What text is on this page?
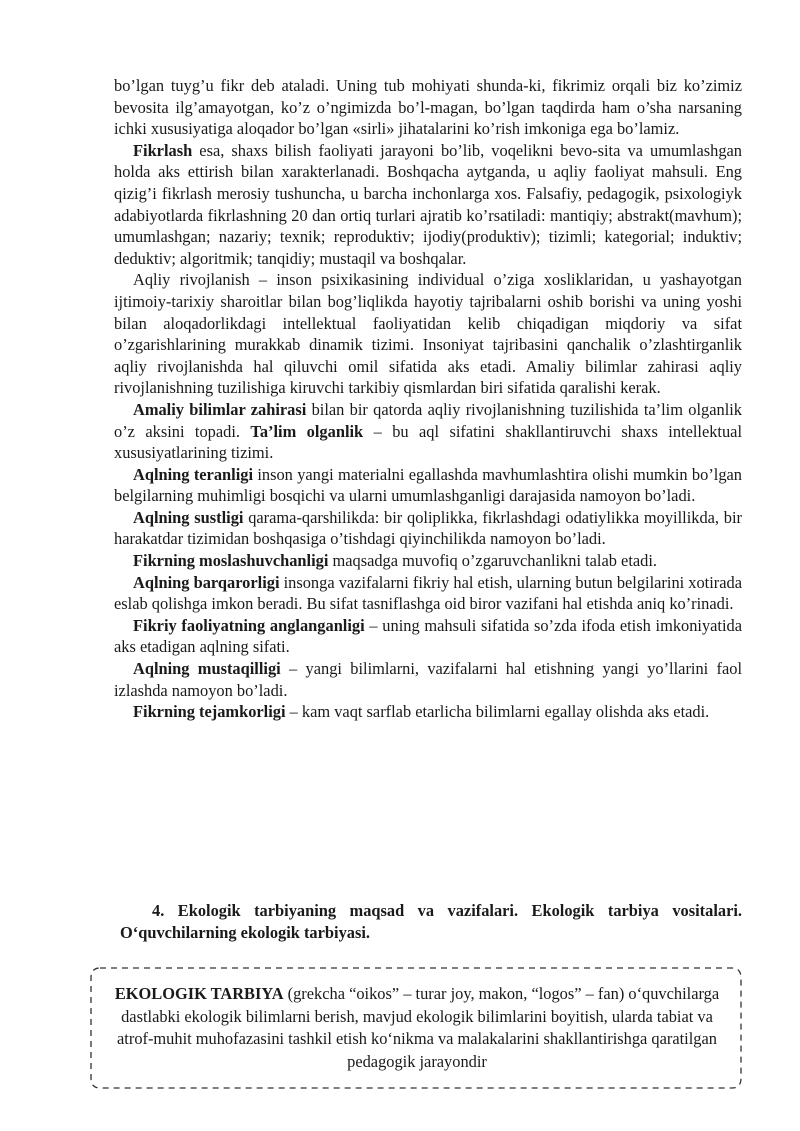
bo’lgan tuyg’u fikr deb ataladi. Uning tub mohiyati shunda-ki, fikrimiz orqali biz ko’zimiz bevosita ilg’amayotgan, ko’z o’ngimizda bo’l-magan, bo’lgan taqdirda ham o’sha narsaning ichki xususiyatiga aloqador bo’lgan «sirli» jihatalarini ko’rish imkoniga ega bo’lamiz.

Fikrlash esa, shaxs bilish faoliyati jarayoni bo’lib, voqelikni bevo-sita va umumlashgan holda aks ettirish bilan xarakterlanadi. Boshqacha aytganda, u aqliy faoliyat mahsuli. Eng qizig’i fikrlash merosiy tushuncha, u barcha inchonlarga xos. Falsafiy, pedagogik, psixologiyk adabiyotlarda fikrlashning 20 dan ortiq turlari ajratib ko’rsatiladi: mantiqiy; abstrakt(mavhum); umumlashgan; nazariy; texnik; reproduktiv; ijodiy(produktiv); tizimli; kategorial; induktiv; deduktiv; algoritmik; tanqidiy; mustaqil va boshqalar.

Aqliy rivojlanish – inson psixikasining individual o’ziga xosliklaridan, u yashayotgan ijtimoiy-tarixiy sharoitlar bilan bog’liqlikda hayotiy tajribalarni oshib borishi va uning yoshi bilan aloqadorlikdagi intellektual faoliyatidan kelib chiqadigan miqdoriy va sifat o’zgarishlarining murakkab dinamik tizimi. Insoniyat tajribasini qanchalik o’zlashtirganlik aqliy rivojlanishda hal qiluvchi omil sifatida aks etadi. Amaliy bilimlar zahirasi aqliy rivojlanishning tuzilishiga kiruvchi tarkibiy qismlardan biri sifatida qaralishi kerak.

Amaliy bilimlar zahirasi bilan bir qatorda aqliy rivojlanishning tuzilishida ta’lim olganlik o’z aksini topadi. Ta’lim olganlik – bu aql sifatini shakllantiruvchi shaxs intellektual xususiyatlarining tizimi.

Aqlning teranligi inson yangi materialni egallashda mavhumlashtira olishi mumkin bo’lgan belgilarning muhimligi bosqichi va ularni umumlashganligi darajasida namoyon bo’ladi.

Aqlning sustligi qarama-qarshilikda: bir qoliplikka, fikrlashdagi odatiylikka moyillikda, bir harakatdar tizimidan boshqasiga o’tishdagi qiyinchilikda namoyon bo’ladi.

Fikrning moslashuvchanligi maqsadga muvofiq o’zgaruvchanlikni talab etadi.

Aqlning barqarorligi insonga vazifalarni fikriy hal etish, ularning butun belgilarini xotirada eslab qolishga imkon beradi. Bu sifat tasniflashga oid biror vazifani hal etishda aniq ko’rinadi.

Fikriy faoliyatning anglanganligi – uning mahsuli sifatida so’zda ifoda etish imkoniyatida aks etadigan aqlning sifati.

Aqlning mustaqilligi – yangi bilimlarni, vazifalarni hal etishning yangi yo’llarini faol izlashda namoyon bo’ladi.

Fikrning tejamkorligi – kam vaqt sarflab etarlicha bilimlarni egallay olishda aks etadi.

4. Ekologik tarbiyaning maqsad va vazifalari. Ekologik tarbiya vositalari. O‘quvchilarning ekologik tarbiyasi.

EKOLOGIK TARBIYA (grekcha “oikos” – turar joy, makon, “logos” – fan) o‘quvchilarga dastlabki ekologik bilimlarni berish, mavjud ekologik bilimlarini boyitish, ularda tabiat va atrof-muhit muhofazasini tashkil etish ko‘nikma va malakalarini shakllantirishga qaratilgan pedagogik jarayondir
